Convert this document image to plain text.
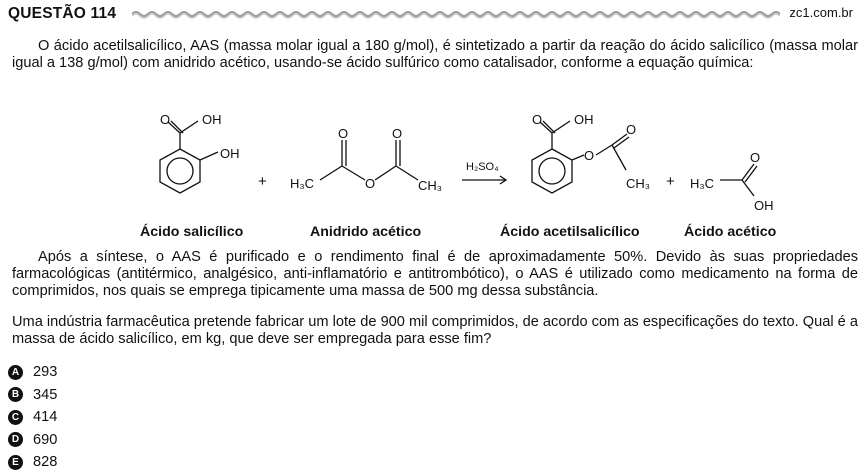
QUESTÃO 114	zc1.com.br
O ácido acetilsalicílico, AAS (massa molar igual a 180 g/mol), é sintetizado a partir da reação do ácido salicílico (massa molar igual a 138 g/mol) com anidrido acético, usando-se ácido sulfúrico como catalisador, conforme a equação química:
OH
O
OH
+ H₃C
O
O
O
CH₃
H₂SO₄
OH
O
O
O
CH₃ + H₃C
O
OH
Ácido salicílico	Anidrido acético	Ácido acetilsalicílico	Ácido acético
Após a síntese, o AAS é purificado e o rendimento final é de aproximadamente 50%. Devido às suas propriedades farmacológicas (antitérmico, analgésico, anti-inflamatório e antitrombótico), o AAS é utilizado como medicamento na forma de comprimidos, nos quais se emprega tipicamente uma massa de 500 mg dessa substância.
Uma indústria farmacêutica pretende fabricar um lote de 900 mil comprimidos, de acordo com as especificações do texto. Qual é a massa de ácido salicílico, em kg, que deve ser empregada para esse fim?
A 293
B 345
C 414
D 690
E 828
